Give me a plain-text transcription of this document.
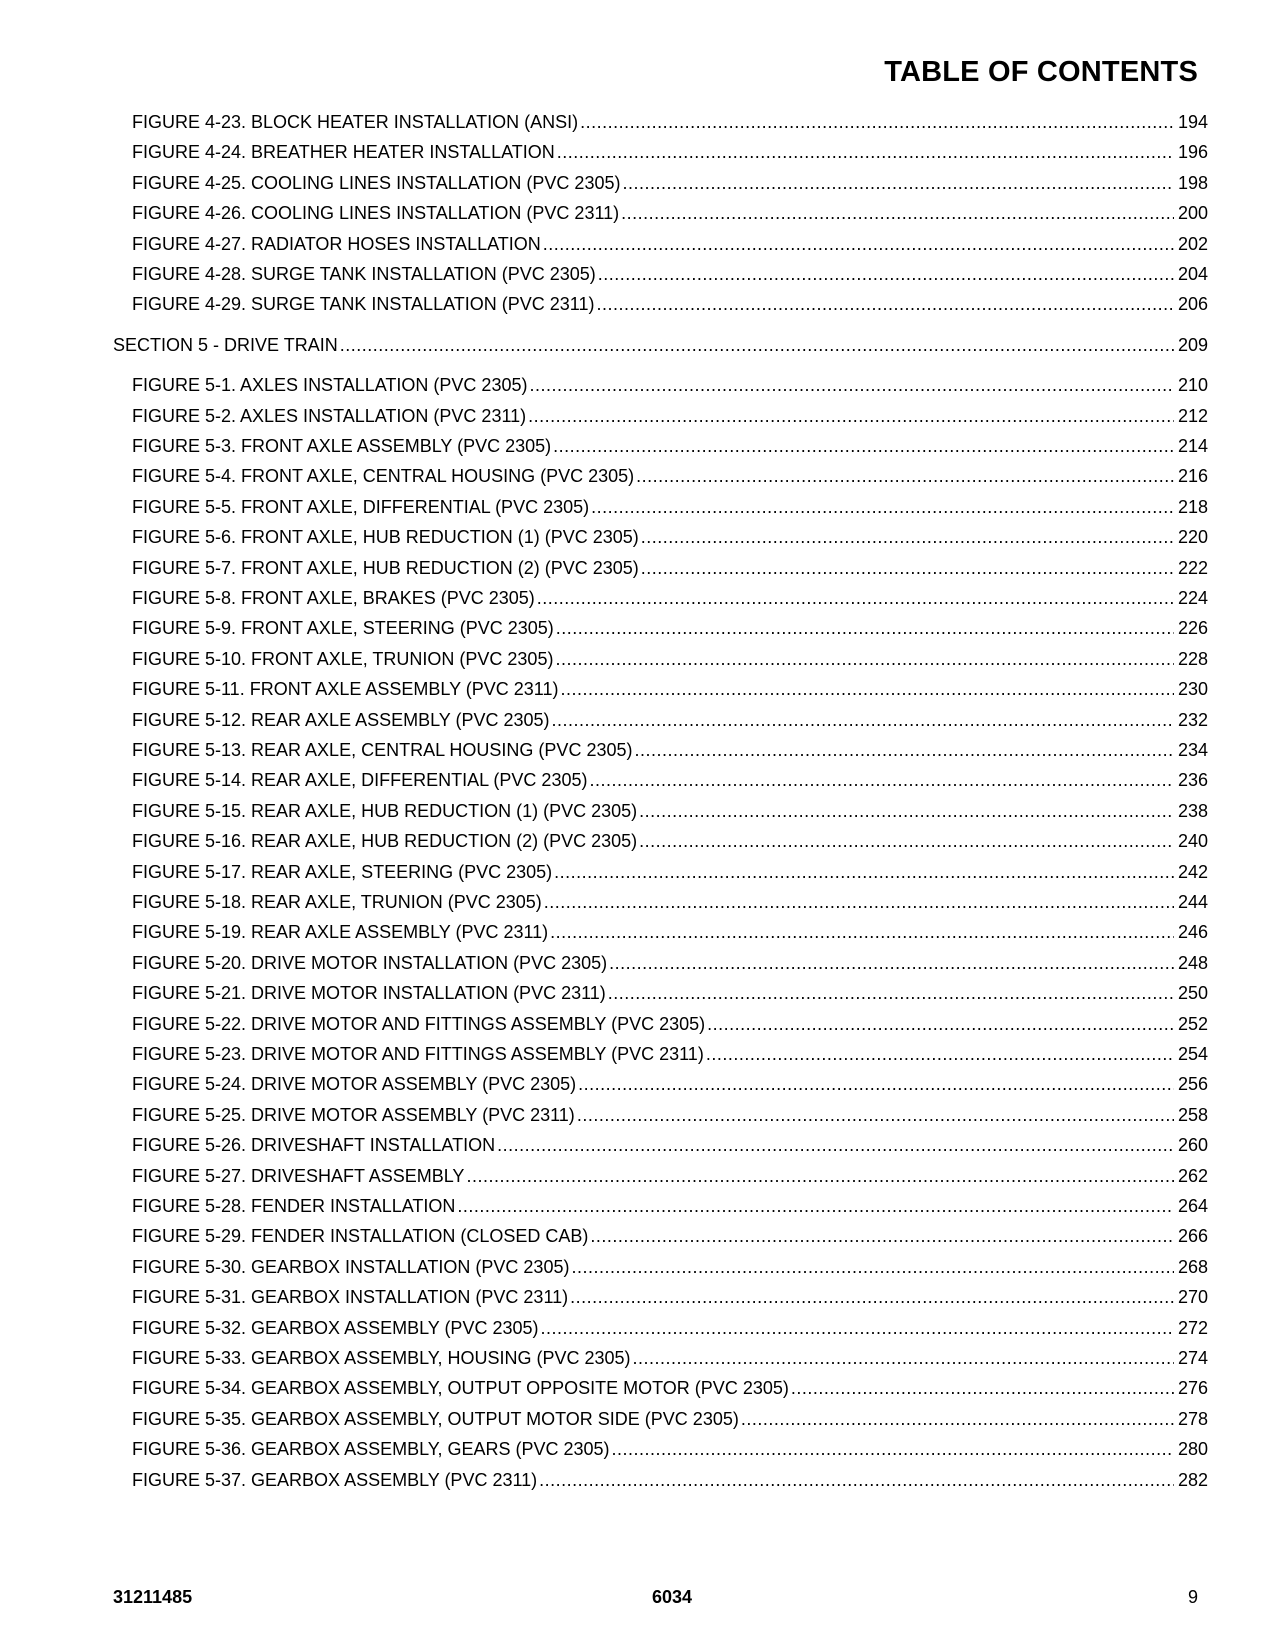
TABLE OF CONTENTS
FIGURE 4-23. BLOCK HEATER INSTALLATION (ANSI) .....	194
FIGURE 4-24. BREATHER HEATER INSTALLATION .....	196
FIGURE 4-25. COOLING LINES INSTALLATION (PVC 2305) .....	198
FIGURE 4-26. COOLING LINES INSTALLATION (PVC 2311) .....	200
FIGURE 4-27. RADIATOR HOSES INSTALLATION .....	202
FIGURE 4-28. SURGE TANK INSTALLATION (PVC 2305) .....	204
FIGURE 4-29. SURGE TANK INSTALLATION (PVC 2311) .....	206
SECTION 5 - DRIVE TRAIN .....	209
FIGURE 5-1. AXLES INSTALLATION (PVC 2305) .....	210
FIGURE 5-2. AXLES INSTALLATION (PVC 2311) .....	212
FIGURE 5-3. FRONT AXLE ASSEMBLY (PVC 2305) .....	214
FIGURE 5-4. FRONT AXLE, CENTRAL HOUSING (PVC 2305) .....	216
FIGURE 5-5. FRONT AXLE, DIFFERENTIAL (PVC 2305) .....	218
FIGURE 5-6. FRONT AXLE, HUB REDUCTION (1) (PVC 2305) .....	220
FIGURE 5-7. FRONT AXLE, HUB REDUCTION (2) (PVC 2305) .....	222
FIGURE 5-8. FRONT AXLE, BRAKES (PVC 2305) .....	224
FIGURE 5-9. FRONT AXLE, STEERING (PVC 2305) .....	226
FIGURE 5-10. FRONT AXLE, TRUNION (PVC 2305) .....	228
FIGURE 5-11. FRONT AXLE ASSEMBLY (PVC 2311) .....	230
FIGURE 5-12. REAR AXLE ASSEMBLY (PVC 2305) .....	232
FIGURE 5-13. REAR AXLE, CENTRAL HOUSING (PVC 2305) .....	234
FIGURE 5-14. REAR AXLE, DIFFERENTIAL (PVC 2305) .....	236
FIGURE 5-15. REAR AXLE, HUB REDUCTION (1) (PVC 2305) .....	238
FIGURE 5-16. REAR AXLE, HUB REDUCTION (2) (PVC 2305) .....	240
FIGURE 5-17. REAR AXLE, STEERING (PVC 2305) .....	242
FIGURE 5-18. REAR AXLE, TRUNION (PVC 2305) .....	244
FIGURE 5-19. REAR AXLE ASSEMBLY (PVC 2311) .....	246
FIGURE 5-20. DRIVE MOTOR INSTALLATION (PVC 2305) .....	248
FIGURE 5-21. DRIVE MOTOR INSTALLATION (PVC 2311) .....	250
FIGURE 5-22. DRIVE MOTOR AND FITTINGS ASSEMBLY (PVC 2305) .....	252
FIGURE 5-23. DRIVE MOTOR AND FITTINGS ASSEMBLY (PVC 2311) .....	254
FIGURE 5-24. DRIVE MOTOR ASSEMBLY (PVC 2305) .....	256
FIGURE 5-25. DRIVE MOTOR ASSEMBLY (PVC 2311) .....	258
FIGURE 5-26. DRIVESHAFT INSTALLATION .....	260
FIGURE 5-27. DRIVESHAFT ASSEMBLY .....	262
FIGURE 5-28. FENDER INSTALLATION .....	264
FIGURE 5-29. FENDER INSTALLATION (CLOSED CAB) .....	266
FIGURE 5-30. GEARBOX INSTALLATION (PVC 2305) .....	268
FIGURE 5-31. GEARBOX INSTALLATION (PVC 2311) .....	270
FIGURE 5-32. GEARBOX ASSEMBLY (PVC 2305) .....	272
FIGURE 5-33. GEARBOX ASSEMBLY, HOUSING (PVC 2305) .....	274
FIGURE 5-34. GEARBOX ASSEMBLY, OUTPUT OPPOSITE MOTOR (PVC 2305) .....	276
FIGURE 5-35. GEARBOX ASSEMBLY, OUTPUT MOTOR SIDE (PVC 2305) .....	278
FIGURE 5-36. GEARBOX ASSEMBLY, GEARS (PVC 2305) .....	280
FIGURE 5-37. GEARBOX ASSEMBLY (PVC 2311) .....	282
31211485	6034	9
